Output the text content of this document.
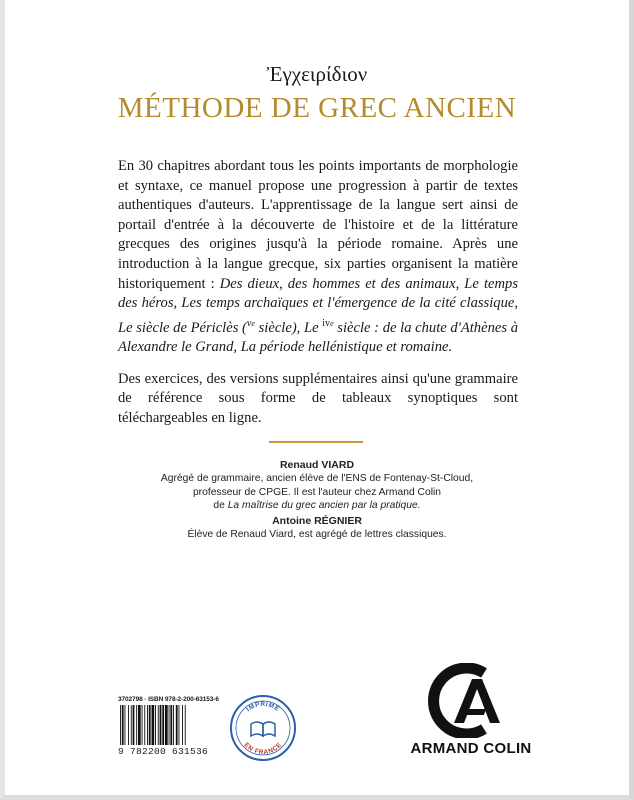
Ἐγχειρίδιον
MÉTHODE DE GREC ANCIEN

En 30 chapitres abordant tous les points importants de morphologie et syntaxe, ce manuel propose une progression à partir de textes authentiques d'auteurs. L'apprentissage de la langue sert ainsi de portail d'entrée à la découverte de l'histoire et de la littérature grecques des origines jusqu'à la période romaine. Après une introduction à la langue grecque, six parties organisent la matière historiquement : Des dieux, des hommes et des animaux, Le temps des héros, Les temps archaïques et l'émergence de la cité classique, Le siècle de Périclès ($^{ve}$ siècle), Le $^{ive}$ siècle : de la chute d'Athènes à Alexandre le Grand, La période hellénistique et romaine.

Des exercices, des versions supplémentaires ainsi qu'une grammaire de référence sous forme de tableaux synoptiques sont téléchargeables en ligne.

Renaud VIARD
Agrégé de grammaire, ancien élève de l'ENS de Fontenay-St-Cloud,
professeur de CPGE. Il est l'auteur chez Armand Colin
de La maîtrise du grec ancien par la pratique.
Antoine RÉGNIER
Élève de Renaud Viard, est agrégé de lettres classiques.
3702798 · ISBN 978-2-200-63153-6
9 782200 631536
IMPRIMÉ
EN FRANCE	ARMAND COLIN
